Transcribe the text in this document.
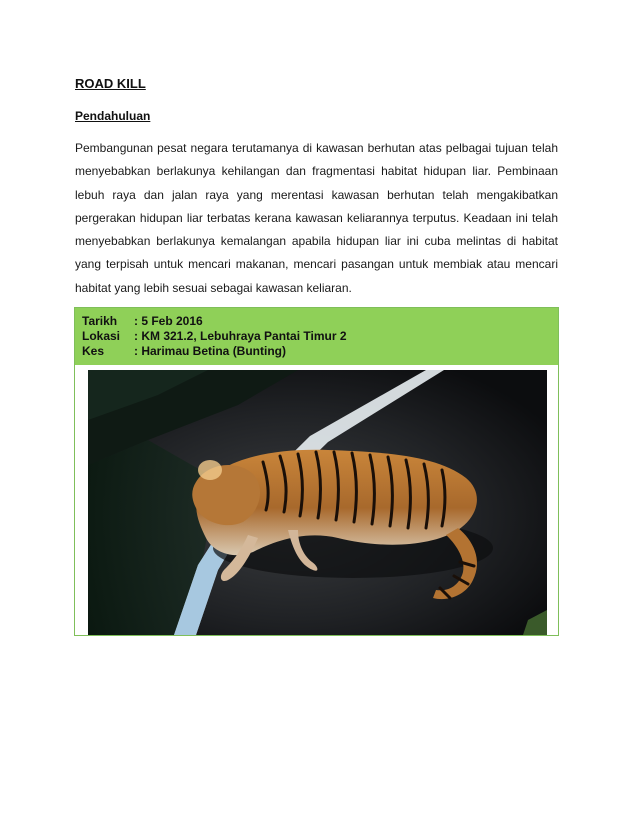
ROAD KILL
Pendahuluan

Pembangunan pesat negara terutamanya di kawasan berhutan atas pelbagai tujuan telah menyebabkan berlakunya kehilangan dan fragmentasi habitat hidupan liar. Pembinaan lebuh raya dan jalan raya yang merentasi kawasan berhutan telah mengakibatkan pergerakan hidupan liar terbatas kerana kawasan keliarannya terputus. Keadaan ini telah menyebabkan berlakunya kemalangan apabila hidupan liar ini cuba melintas di habitat yang terpisah untuk mencari makanan, mencari pasangan untuk membiak atau mencari habitat yang lebih sesuai sebagai kawasan keliaran.

Tarikh	: 5 Feb 2016
Lokasi	: KM 321.2, Lebuhraya Pantai Timur 2
Kes	: Harimau Betina (Bunting)
